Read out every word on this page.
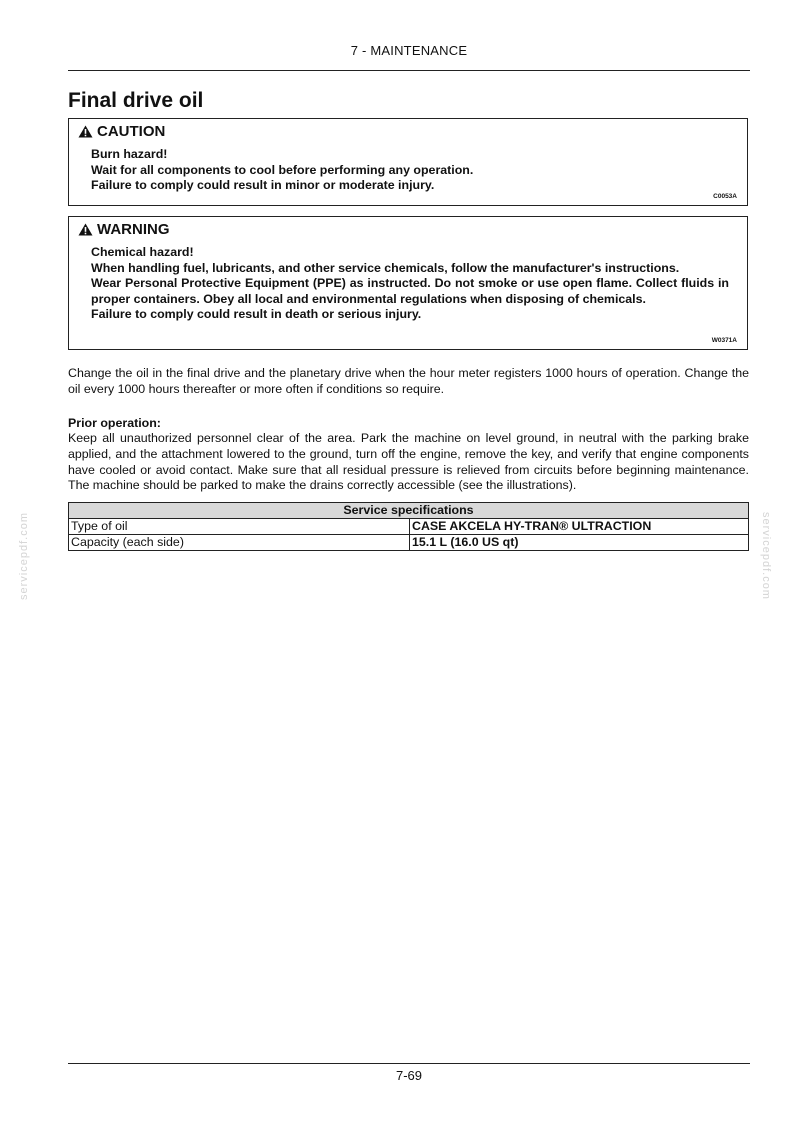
7 - MAINTENANCE
Final drive oil
CAUTION
Burn hazard!
Wait for all components to cool before performing any operation.
Failure to comply could result in minor or moderate injury.
C0053A
WARNING
Chemical hazard!
When handling fuel, lubricants, and other service chemicals, follow the manufacturer's instructions.
Wear Personal Protective Equipment (PPE) as instructed. Do not smoke or use open flame. Collect fluids in proper containers. Obey all local and environmental regulations when disposing of chemicals.
Failure to comply could result in death or serious injury.
W0371A

Change the oil in the final drive and the planetary drive when the hour meter registers 1000 hours of operation. Change the oil every 1000 hours thereafter or more often if conditions so require.

Prior operation:

Keep all unauthorized personnel clear of the area. Park the machine on level ground, in neutral with the parking brake applied, and the attachment lowered to the ground, turn off the engine, remove the key, and verify that engine components have cooled or avoid contact. Make sure that all residual pressure is relieved from circuits before beginning maintenance. The machine should be parked to make the drains correctly accessible (see the illustrations).

Service specifications	
Type of oil	CASE AKCELA HY-TRAN® ULTRACTION
Capacity (each side)	15.1 L (16.0 US qt)
servicepdf.com	servicepdf.com
7-69
